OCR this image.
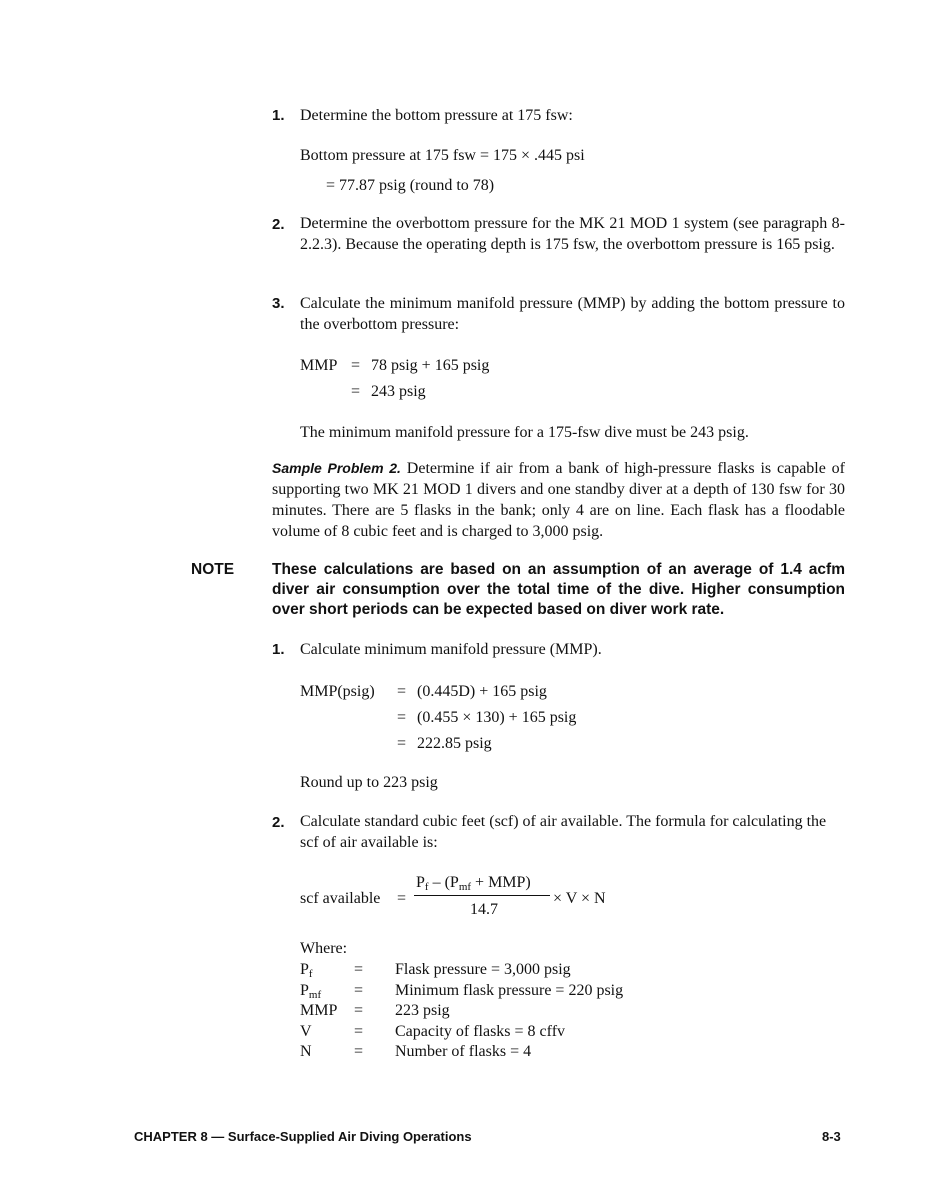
1. Determine the bottom pressure at 175 fsw:
Bottom pressure at 175 fsw = 175 × .445 psi
= 77.87 psig (round to 78)
2. Determine the overbottom pressure for the MK 21 MOD 1 system (see paragraph 8-2.2.3). Because the operating depth is 175 fsw, the overbottom pressure is 165 psig.
3. Calculate the minimum manifold pressure (MMP) by adding the bottom pressure to the overbottom pressure:
MMP = 78 psig + 165 psig
= 243 psig
The minimum manifold pressure for a 175-fsw dive must be 243 psig.
Sample Problem 2. Determine if air from a bank of high-pressure flasks is capable of supporting two MK 21 MOD 1 divers and one standby diver at a depth of 130 fsw for 30 minutes. There are 5 flasks in the bank; only 4 are on line. Each flask has a floodable volume of 8 cubic feet and is charged to 3,000 psig.
NOTE These calculations are based on an assumption of an average of 1.4 acfm diver air consumption over the total time of the dive. Higher consumption over short periods can be expected based on diver work rate.
1. Calculate minimum manifold pressure (MMP).
MMP(psig) = (0.445D) + 165 psig
= (0.455 × 130) + 165 psig
= 222.85 psig
Round up to 223 psig
2. Calculate standard cubic feet (scf) of air available. The formula for calculating the scf of air available is:
scf available =
$P_f - (P_{mf} + MMP)$
14.7
× V × N
Where:
$P_f$	= Flask pressure = 3,000 psig
$P_{mf}$ = Minimum flask pressure = 220 psig
MMP = 223 psig
V	= Capacity of flasks = 8 cffv
N	= Number of flasks = 4
CHAPTER 8 — Surface-Supplied Air Diving Operations	8-3
